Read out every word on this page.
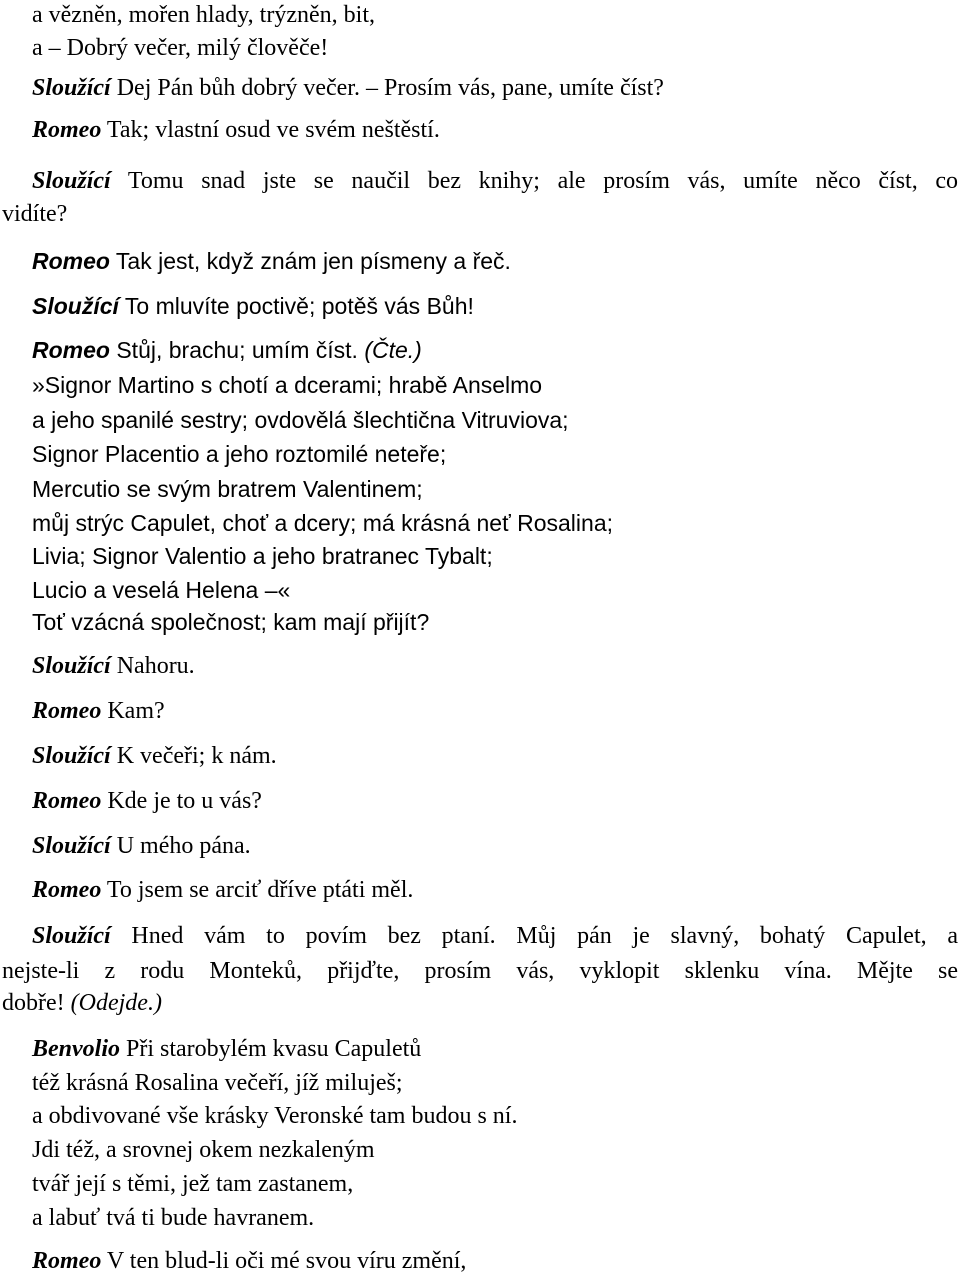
a vězněn, mořen hlady, trýzněn, bit,
a – Dobrý večer, milý člověče!
Sloužící Dej Pán bůh dobrý večer. – Prosím vás, pane, umíte číst?
Romeo Tak; vlastní osud ve svém neštěstí.
Sloužící Tomu snad jste se naučil bez knihy; ale prosím vás, umíte něco číst, co
vidíte?
Romeo Tak jest, když znám jen písmeny a řeč.
Sloužící To mluvíte poctivě; potěš vás Bůh!
Romeo Stůj, brachu; umím číst. (Čte.)
»Signor Martino s chotí a dcerami; hrabě Anselmo
a jeho spanilé sestry; ovdovělá šlechtična Vitruviova;
Signor Placentio a jeho roztomilé neteře;
Mercutio se svým bratrem Valentinem;
můj strýc Capulet, choť a dcery; má krásná neť Rosalina;
Livia; Signor Valentio a jeho bratranec Tybalt;
Lucio a veselá Helena –«
Toť vzácná společnost; kam mají přijít?
Sloužící Nahoru.
Romeo Kam?
Sloužící K večeři; k nám.
Romeo Kde je to u vás?
Sloužící U mého pána.
Romeo To jsem se arciť dříve ptáti měl.
Sloužící Hned vám to povím bez ptaní. Můj pán je slavný, bohatý Capulet, a
nejste-li z rodu Monteků, přijďte, prosím vás, vyklopit sklenku vína. Mějte se
dobře! (Odejde.)
Benvolio Při starobylém kvasu Capuletů
též krásná Rosalina večeří, jíž miluješ;
a obdivované vše krásky Veronské tam budou s ní.
Jdi též, a srovnej okem nezkaleným
tvář její s těmi, jež tam zastanem,
a labuť tvá ti bude havranem.
Romeo V ten blud-li oči mé svou víru změní,
